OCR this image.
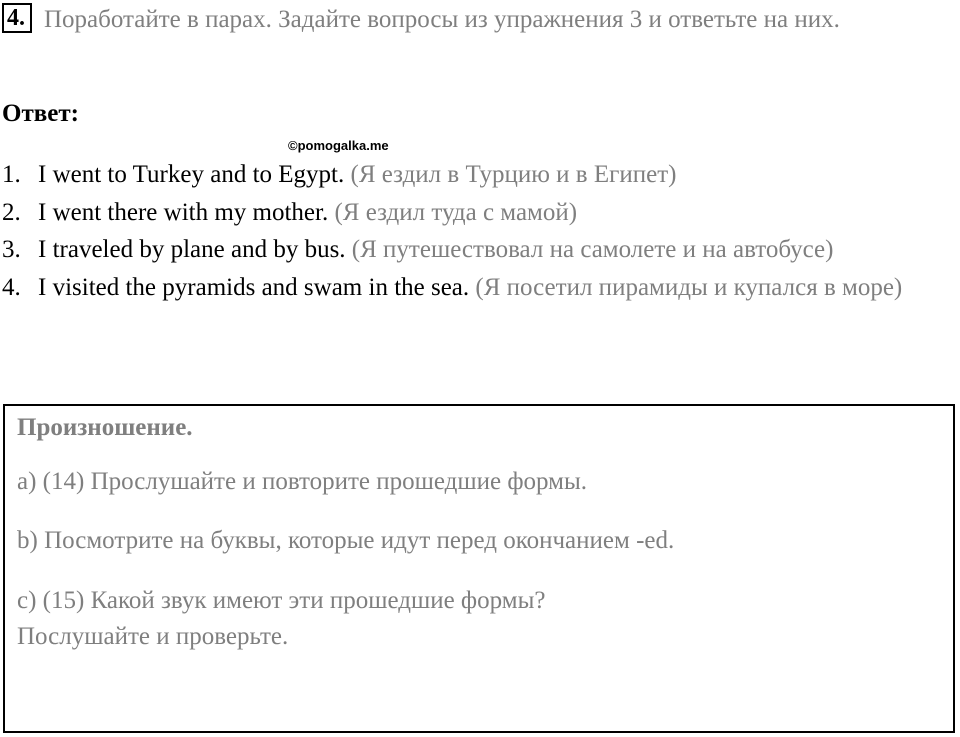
4. Поработайте в парах. Задайте вопросы из упражнения 3 и ответьте на них.
Ответ:
©pomogalka.me
1. I went to Turkey and to Egypt. (Я ездил в Турцию и в Египет)
2. I went there with my mother. (Я ездил туда с мамой)
3. I traveled by plane and by bus. (Я путешествовал на самолете и на автобусе)
4. I visited the pyramids and swam in the sea. (Я посетил пирамиды и купался в море)
Произношение.
a) (14) Прослушайте и повторите прошедшие формы.
b) Посмотрите на буквы, которые идут перед окончанием -ed.
c) (15) Какой звук имеют эти прошедшие формы?
Послушайте и проверьте.
